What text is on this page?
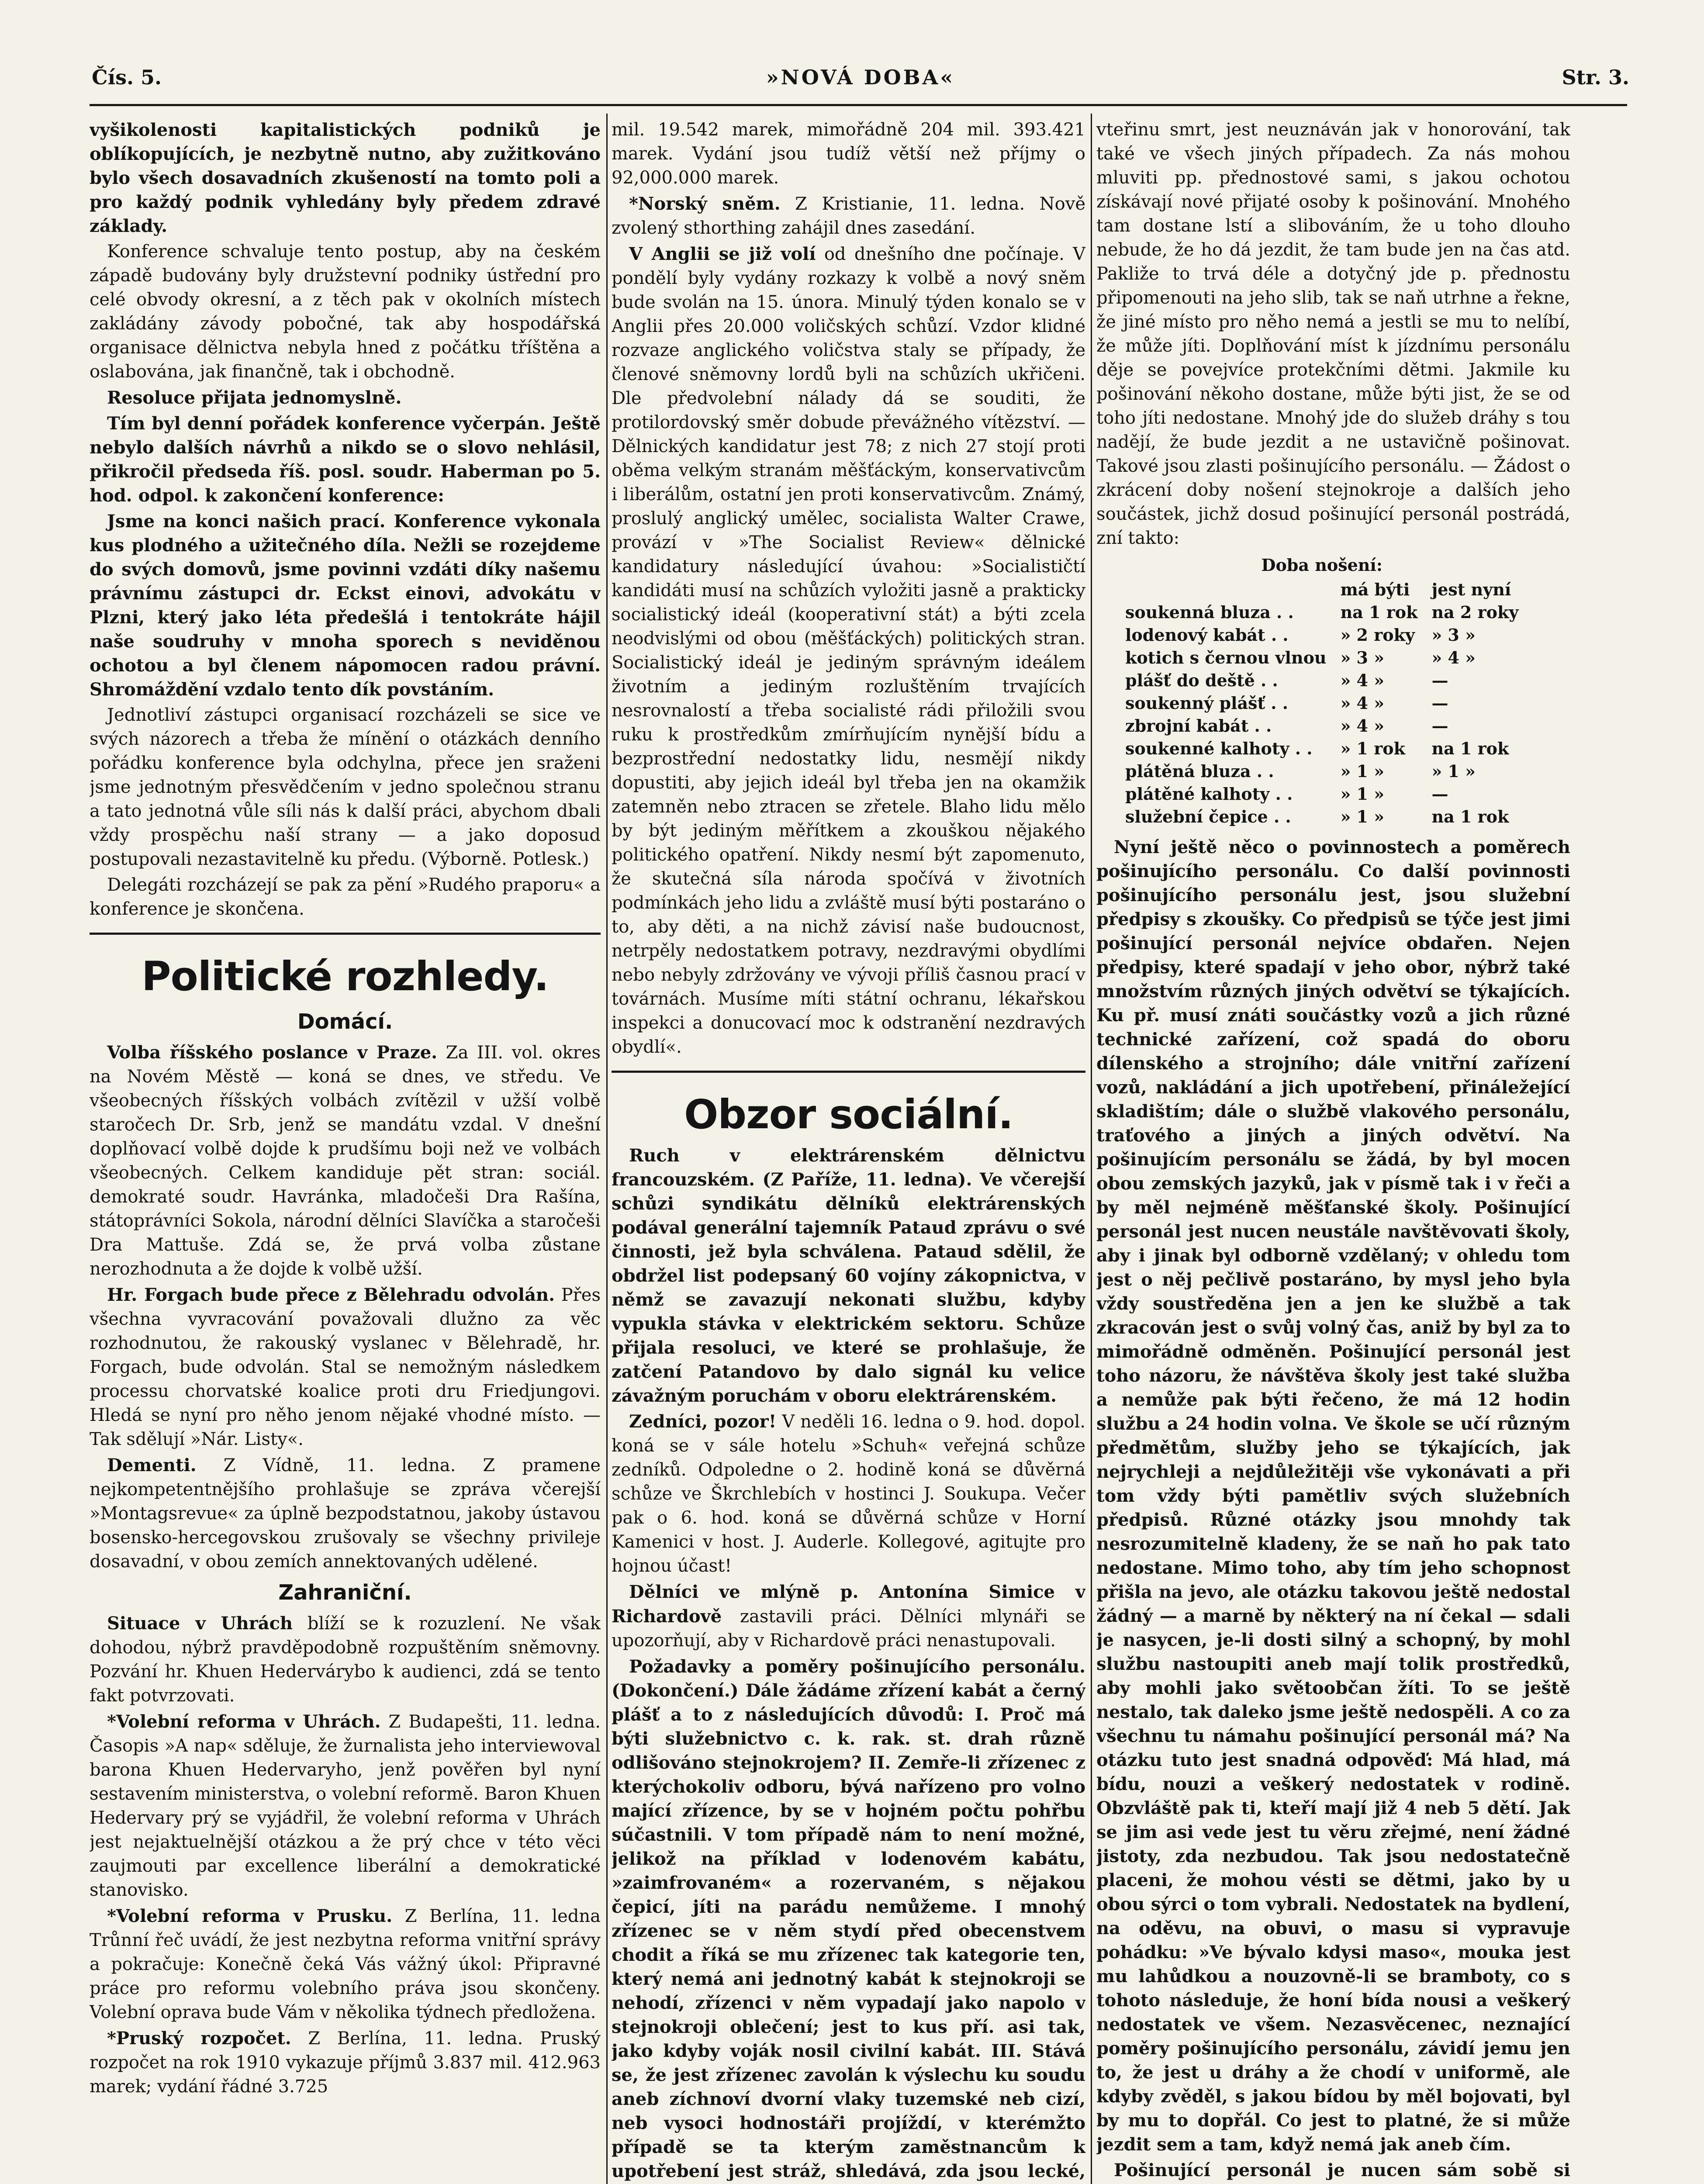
Čís. 5.	»NOVÁ DOBA«	Str. 3.

vyšikolenosti kapitalistických podniků je oblíkopujících, je nezbytně nutno, aby zužitkováno bylo všech dosavadních zkušeností na tomto poli a pro každý podnik vyhledány byly předem zdravé základy.

Konference schvaluje tento postup, aby na českém západě budovány byly družstevní podniky ústřední pro celé obvody okresní, a z těch pak v okolních místech zakládány závody pobočné, tak aby hospodářská organisace dělnictva nebyla hned z počátku tříštěna a oslabována, jak finančně, tak i obchodně.

Resoluce přijata jednomyslně.

Tím byl denní pořádek konference vyčerpán. Ještě nebylo dalších návrhů a nikdo se o slovo nehlásil, přikročil předseda říš. posl. soudr. Haberman po 5. hod. odpol. k zakončení konference:

Jsme na konci našich prací. Konference vykonala kus plodného a užitečného díla. Nežli se rozejdeme do svých domovů, jsme povinni vzdáti díky našemu právnímu zástupci dr. Eckst einovi, advokátu v Plzni, který jako léta předešlá i tentokráte hájil naše soudruhy v mnoha sporech s neviděnou ochotou a byl členem nápomocen radou právní. Shromáždění vzdalo tento dík povstáním.

Jednotliví zástupci organisací rozcházeli se sice ve svých názorech a třeba že mínění o otázkách denního pořádku konference byla odchylna, přece jen sraženi jsme jednotným přesvědčením v jedno společnou stranu a tato jednotná vůle síli nás k další práci, abychom dbali vždy prospěchu naší strany — a jako doposud postupovali nezastavitelně ku předu. (Výborně. Potlesk.)

Delegáti rozcházejí se pak za pění »Rudého praporu« a konference je skončena.

Politické rozhledy.
Domácí.

Volba říšského poslance v Praze. Za III. vol. okres na Novém Městě — koná se dnes, ve středu. Ve všeobecných říšských volbách zvítězil v užší volbě staročech Dr. Srb, jenž se mandátu vzdal. V dnešní doplňovací volbě dojde k prudšímu boji než ve volbách všeobecných. Celkem kandiduje pět stran: sociál. demokraté soudr. Havránka, mladočeši Dra Rašína, státoprávníci Sokola, národní dělníci Slavíčka a staročeši Dra Mattuše. Zdá se, že prvá volba zůstane nerozhodnuta a že dojde k volbě užší.

Hr. Forgach bude přece z Bělehradu odvolán. Přes všechna vyvracování považovali dlužno za věc rozhodnutou, že rakouský vyslanec v Bělehradě, hr. Forgach, bude odvolán. Stal se nemožným následkem processu chorvatské koalice proti dru Friedjungovi. Hledá se nyní pro něho jenom nějaké vhodné místo. — Tak sdělují »Nár. Listy«.

Dementi. Z Vídně, 11. ledna. Z pramene nejkompetentnějšího prohlašuje se zpráva včerejší »Montagsrevue« za úplně bezpodstatnou, jakoby ústavou bosensko-hercegovskou zrušovaly se všechny privileje dosavadní, v obou zemích annektovaných udělené.

Zahraniční.

Situace v Uhrách blíží se k rozuzlení. Ne však dohodou, nýbrž pravděpodobně rozpuštěním sněmovny. Pozvání hr. Khuen Hedervárybo k audienci, zdá se tento fakt potvrzovati.

*Volební reforma v Uhrách. Z Budapešti, 11. ledna. Časopis »A nap« sděluje, že žurnalista jeho interviewoval barona Khuen Hedervaryho, jenž pověřen byl nyní sestavením ministerstva, o volební reformě. Baron Khuen Hedervary prý se vyjádřil, že volební reforma v Uhrách jest nejaktuelnější otázkou a že prý chce v této věci zaujmouti par excellence liberální a demokratické stanovisko.

*Volební reforma v Prusku. Z Berlína, 11. ledna Trůnní řeč uvádí, že jest nezbytna reforma vnitřní správy a pokračuje: Konečně čeká Vás vážný úkol: Připravné práce pro reformu volebního práva jsou skončeny. Volební oprava bude Vám v několika týdnech předložena.

*Pruský rozpočet. Z Berlína, 11. ledna. Pruský rozpočet na rok 1910 vykazuje příjmů 3.837 mil. 412.963 marek; vydání řádné 3.725

mil. 19.542 marek, mimořádně 204 mil. 393.421 marek. Vydání jsou tudíž větší než příjmy o 92,000.000 marek.

*Norský sněm. Z Kristianie, 11. ledna. Nově zvolený sthorthing zahájil dnes zasedání.

V Anglii se již volí od dnešního dne počínaje. V pondělí byly vydány rozkazy k volbě a nový sněm bude svolán na 15. února. Minulý týden konalo se v Anglii přes 20.000 voličských schůzí. Vzdor klidné rozvaze anglického voličstva staly se případy, že členové sněmovny lordů byli na schůzích ukřičeni. Dle předvolební nálady dá se souditi, že protilordovský směr dobude převážného vítězství. — Dělnických kandidatur jest 78; z nich 27 stojí proti oběma velkým stranám měšťáckým, konservativcům i liberálům, ostatní jen proti konservativcům. Známý, proslulý anglický umělec, socialista Walter Crawe, provází v »The Socialist Review« dělnické kandidatury následující úvahou: »Socialističtí kandidáti musí na schůzích vyložiti jasně a prakticky socialistický ideál (kooperativní stát) a býti zcela neodvislými od obou (měšťáckých) politických stran. Socialistický ideál je jediným správným ideálem životním a jediným rozluštěním trvajících nesrovnalostí a třeba socialisté rádi přiložili svou ruku k prostředkům zmírňujícím nynější bídu a bezprostřední nedostatky lidu, nesmějí nikdy dopustiti, aby jejich ideál byl třeba jen na okamžik zatemněn nebo ztracen se zřetele. Blaho lidu mělo by být jediným měřítkem a zkouškou nějakého politického opatření. Nikdy nesmí být zapomenuto, že skutečná síla národa spočívá v životních podmínkách jeho lidu a zvláště musí býti postaráno o to, aby děti, a na nichž závisí naše budoucnost, netrpěly nedostatkem potravy, nezdravými obydlími nebo nebyly zdržovány ve vývoji příliš časnou prací v továrnách. Musíme míti státní ochranu, lékařskou inspekci a donucovací moc k odstranění nezdravých obydlí«.

Obzor sociální.

Ruch v elektrárenském dělnictvu francouzském. (Z Paříže, 11. ledna). Ve včerejší schůzi syndikátu dělníků elektrárenských podával generální tajemník Pataud zprávu o své činnosti, jež byla schválena. Pataud sdělil, že obdržel list podepsaný 60 vojíny zákopnictva, v němž se zavazují nekonati službu, kdyby vypukla stávka v elektrickém sektoru. Schůze přijala resoluci, ve které se prohlašuje, že zatčení Patandovo by dalo signál ku velice závažným poruchám v oboru elektrárenském.

Zedníci, pozor! V neděli 16. ledna o 9. hod. dopol. koná se v sále hotelu »Schuh« veřejná schůze zedníků. Odpoledne o 2. hodině koná se důvěrná schůze ve Škrchlebích v hostinci J. Soukupa. Večer pak o 6. hod. koná se důvěrná schůze v Horní Kamenici v host. J. Auderle. Kollegové, agitujte pro hojnou účast!

Dělníci ve mlýně p. Antonína Simice v Richardově zastavili práci. Dělníci mlynáři se upozorňují, aby v Richardově práci nenastupovali.

Požadavky a poměry pošinujícího personálu. (Dokončení.) Dále žádáme zřízení kabát a černý plášť a to z následujících důvodů: I. Proč má býti služebnictvo c. k. rak. st. drah různě odlišováno stejnokrojem? II. Zemře-li zřízenec z kterýchokoliv odboru, bývá nařízeno pro volno mající zřízence, by se v hojném počtu pohřbu súčastnili. V tom případě nám to není možné, jelikož na příklad v lodenovém kabátu, »zaimfrovaném« a rozervaném, s nějakou čepicí, jíti na parádu nemůžeme. I mnohý zřízenec se v něm stydí před obecenstvem chodit a říká se mu zřízenec tak kategorie ten, který nemá ani jednotný kabát k stejnokroji se nehodí, zřízenci v něm vypadají jako napolo v stejnokroji oblečení; jest to kus pří. asi tak, jako kdyby voják nosil civilní kabát. III. Stává se, že jest zřízenec zavolán k výslechu ku soudu aneb zíchnoví dvorní vlaky tuzemské neb cizí, neb vysoci hodnostáři projíždí, v kterémžto případě se ta kterým zaměstnancům k upotřebení jest stráž, shledává, zda jsou lecké,

vteřinu smrt, jest neuznáván jak v honorování, tak také ve všech jiných případech. Za nás mohou mluviti pp. přednostové sami, s jakou ochotou získávají nové přijaté osoby k pošinování. Mnohého tam dostane lstí a slibováním, že u toho dlouho nebude, že ho dá jezdit, že tam bude jen na čas atd. Pakliže to trvá déle a dotyčný jde p. přednostu připomenouti na jeho slib, tak se naň utrhne a řekne, že jiné místo pro něho nemá a jestli se mu to nelíbí, že může jíti. Doplňování míst k jízdnímu personálu děje se povejvíce protekčními dětmi. Jakmile ku pošinování někoho dostane, může býti jist, že se od toho jíti nedostane. Mnohý jde do služeb dráhy s tou nadějí, že bude jezdit a ne ustavičně pošinovat. Takové jsou zlasti pošinujícího personálu. — Žádost o zkrácení doby nošení stejnokroje a dalších jeho součástek, jichž dosud pošinující personál postrádá, zní takto:

Doba nošení:
	má býti	jest nyní
soukenná bluza . .	na 1 rok	na 2 roky
lodenový kabát . .	» 2 roky	» 3 »
kotich s černou vlnou	» 3 »	» 4 »
plášť do deště . .	» 4 »	—
soukenný plášť . .	» 4 »	—
zbrojní kabát . .	» 4 »	—
soukenné kalhoty . .	» 1 rok	na 1 rok
plátěná bluza . .	» 1 »	» 1 »
plátěné kalhoty . .	» 1 »	—
služební čepice . .	» 1 »	na 1 rok

Nyní ještě něco o povinnostech a poměrech pošinujícího personálu. Co další povinnosti pošinujícího personálu jest, jsou služební předpisy s zkoušky. Co předpisů se týče jest jimi pošinující personál nejvíce obdařen. Nejen předpisy, které spadají v jeho obor, nýbrž také množstvím různých jiných odvětví se týkajících. Ku př. musí znáti součástky vozů a jich různé technické zařízení, což spadá do oboru dílenského a strojního; dále vnitřní zařízení vozů, nakládání a jich upotřebení, přináležející skladištím; dále o službě vlakového personálu, traťového a jiných a jiných odvětví. Na pošinujícím personálu se žádá, by byl mocen obou zemských jazyků, jak v písmě tak i v řeči a by měl nejméně měšťanské školy. Pošinující personál jest nucen neustále navštěvovati školy, aby i jinak byl odborně vzdělaný; v ohledu tom jest o něj pečlivě postaráno, by mysl jeho byla vždy soustředěna jen a jen ke službě a tak zkracován jest o svůj volný čas, aniž by byl za to mimořádně odměněn. Pošinující personál jest toho názoru, že návštěva školy jest také služba a nemůže pak býti řečeno, že má 12 hodin službu a 24 hodin volna. Ve škole se učí různým předmětům, služby jeho se týkajících, jak nejrychleji a nejdůležitěji vše vykonávati a při tom vždy býti pamětliv svých služebních předpisů. Různé otázky jsou mnohdy tak nesrozumitelně kladeny, že se naň ho pak tato nedostane. Mimo toho, aby tím jeho schopnost přišla na jevo, ale otázku takovou ještě nedostal žádný — a marně by některý na ní čekal — sdali je nasycen, je-li dosti silný a schopný, by mohl službu nastoupiti aneb mají tolik prostředků, aby mohli jako světoobčan žíti. To se ještě nestalo, tak daleko jsme ještě nedospěli. A co za všechnu tu námahu pošinující personál má? Na otázku tuto jest snadná odpověď: Má hlad, má bídu, nouzi a veškerý nedostatek v rodině. Obzvláště pak ti, kteří mají již 4 neb 5 dětí. Jak se jim asi vede jest tu věru zřejmé, není žádné jistoty, zda nezbudou. Tak jsou nedostatečně placeni, že mohou vésti se dětmi, jako by u obou sýrci o tom vybrali. Nedostatek na bydlení, na oděvu, na obuvi, o masu si vypravuje pohádku: »Ve bývalo kdysi maso«, mouka jest mu lahůdkou a nouzovně-li se bramboty, co s tohoto následuje, že honí bída nousi a veškerý nedostatek ve všem. Nezasvěcenec, neznající poměry pošinujícího personálu, závidí jemu jen to, že jest u dráhy a že chodí v uniformě, ale kdyby zvěděl, s jakou bídou by měl bojovati, byl by mu to dopřál. Co jest to platné, že si může jezdit sem a tam, když nemá jak aneb čím.

Pošinující personál je nucen sám sobě si
